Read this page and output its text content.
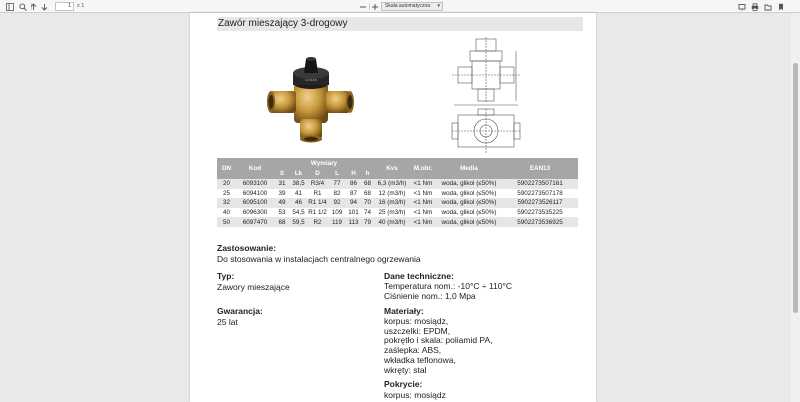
1	z 1	Skala automatyczna ▾
Zawór mieszający 3-drogowy
1 2 3 4 5
DN	Kod	Wymiary						Kvs	M.obr.	Media	EAN13
		S	Lk	D	L	H	h				
20	6093100	31	38,5	R3/4	77	86	68	6,3 (m3/h)	<1 Nm	woda, glikol (≤50%)	5902273507161
25	6094100	39	41	R1	82	87	68	12 (m3/h)	<1 Nm	woda, glikol (≤50%)	5902273507178
32	6095100	49	46	R1 1/4	92	94	70	16 (m3/h)	<1 Nm	woda, glikol (≤50%)	5902273526117
40	6096300	53	54,5	R1 1/2	109	101	74	25 (m3/h)	<1 Nm	woda, glikol (≤50%)	5902273535225
50	6097470	68	59,5	R2	119	113	79	40 (m3/h)	<1 Nm	woda, glikol (≤50%)	5902273536925
Zastosowanie:
Do stosowania w instalacjach centralnego ogrzewania
Typ:
Zawory mieszające
Gwarancja:
25 lat
Dane techniczne:
Temperatura nom.: -10°C ÷ 110°C
Ciśnienie nom.: 1,0 Mpa
Materiały:
korpus: mosiądz,
uszczelki: EPDM,
pokrętło i skala: poliamid PA,
zaślepka: ABS,
wkładka teflonowa,
wkręty: stal
Pokrycie:
korpus: mosiądz
